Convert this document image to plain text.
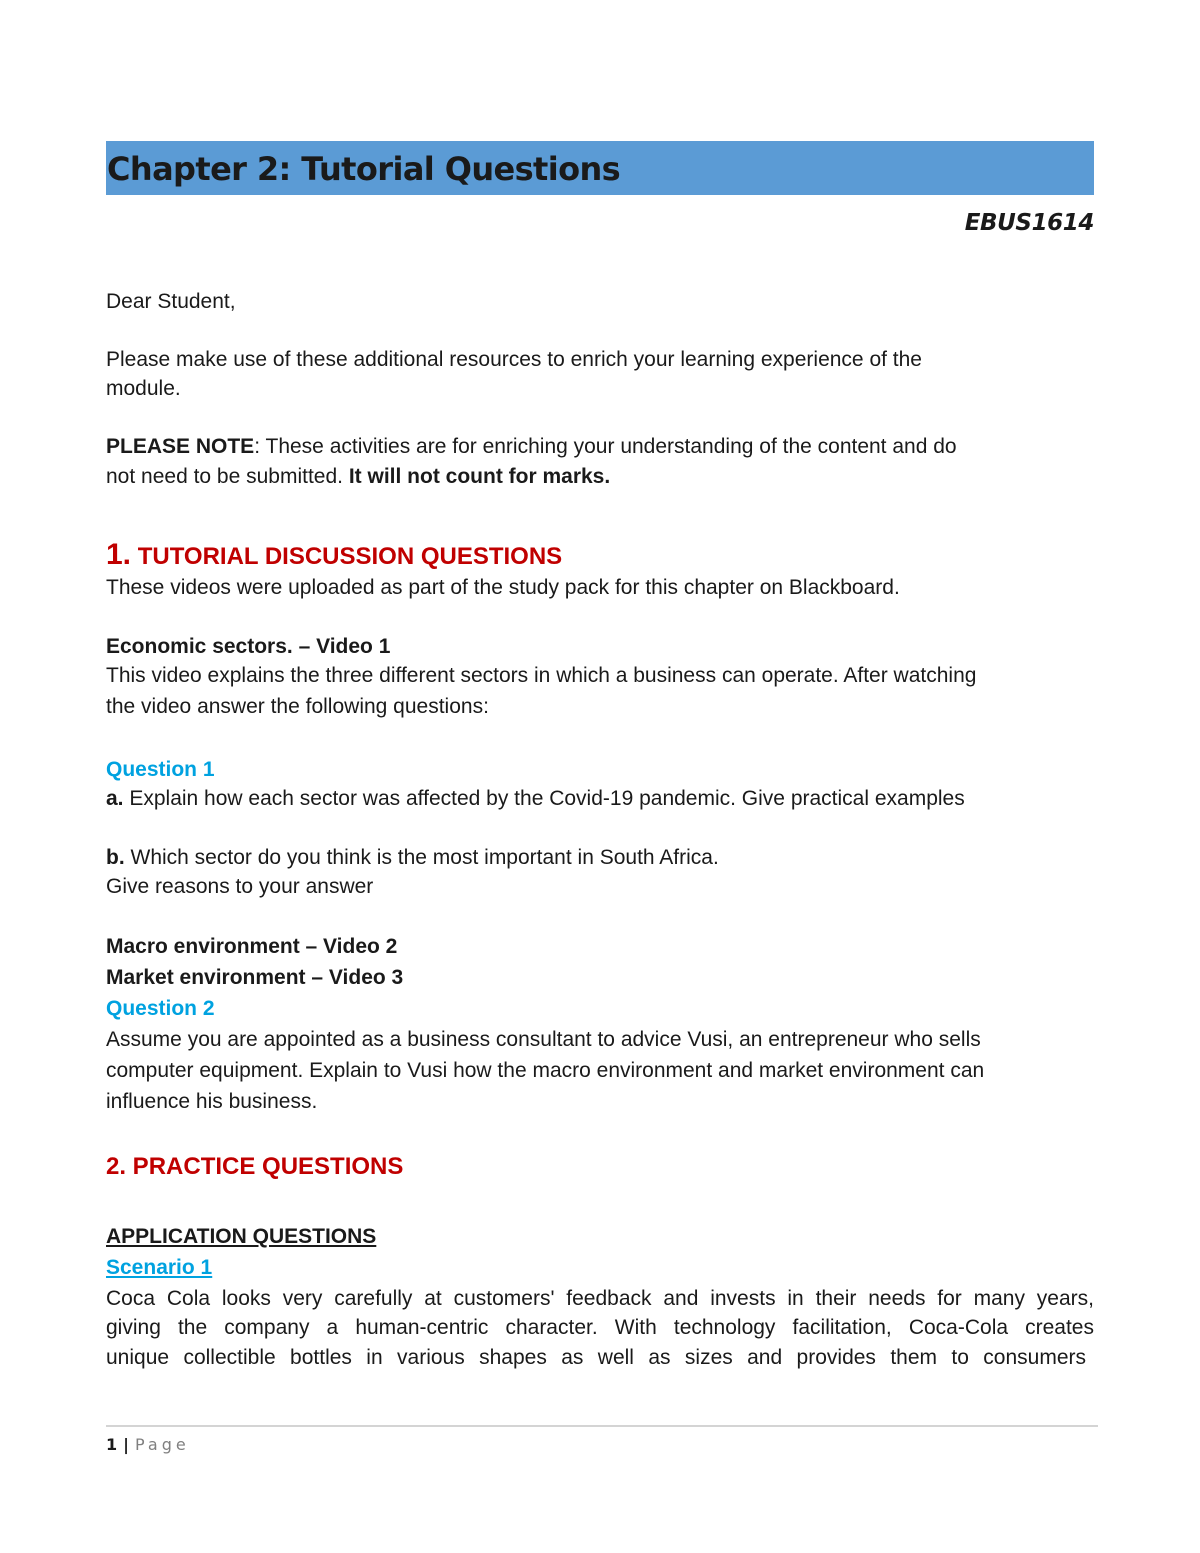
Chapter 2: Tutorial Questions
EBUS1614
Dear Student,
Please make use of these additional resources to enrich your learning experience of the
module.
PLEASE NOTE: These activities are for enriching your understanding of the content and do
not need to be submitted. It will not count for marks.
1. TUTORIAL DISCUSSION QUESTIONS
These videos were uploaded as part of the study pack for this chapter on Blackboard.
Economic sectors. – Video 1
This video explains the three different sectors in which a business can operate. After watching
the video answer the following questions:
Question 1
a. Explain how each sector was affected by the Covid-19 pandemic. Give practical examples
b. Which sector do you think is the most important in South Africa.
Give reasons to your answer
Macro environment – Video 2
Market environment – Video 3
Question 2
Assume you are appointed as a business consultant to advice Vusi, an entrepreneur who sells
computer equipment. Explain to Vusi how the macro environment and market environment can
influence his business.
2. PRACTICE QUESTIONS
APPLICATION QUESTIONS
Scenario 1
Coca Cola looks very carefully at customers' feedback and invests in their needs for many years,
giving the company a human-centric character. With technology facilitation, Coca-Cola creates
unique collectible bottles in various shapes as well as sizes and provides them to consumers
1 | Page
